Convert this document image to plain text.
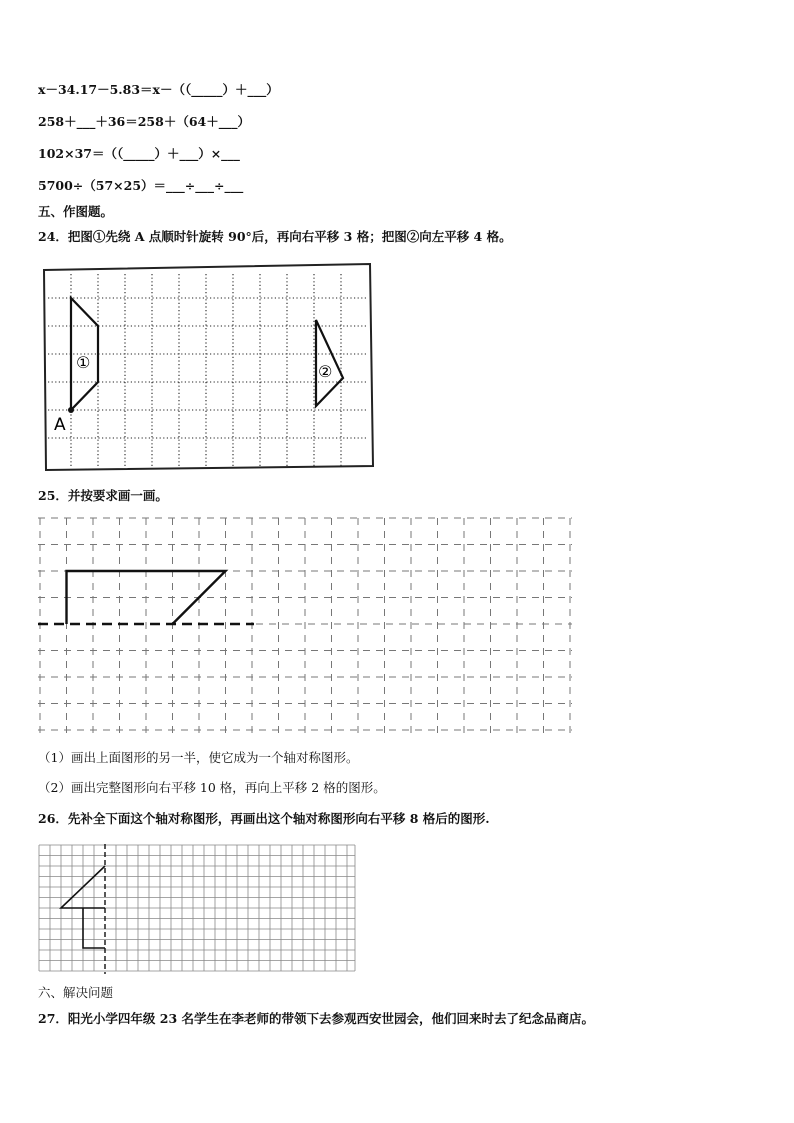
x－34.17－5.83＝x－（（_____）＋___）
258＋___＋36＝258＋（64＋___）
102×37＝（（_____）＋___）×___
5700÷（57×25）＝___÷___÷___
五、作图题。
24．把图①先绕 A 点顺时针旋转 90°后，再向右平移 3 格；把图②向左平移 4 格。
①
A
②
25．并按要求画一画。
（1）画出上面图形的另一半，使它成为一个轴对称图形。
（2）画出完整图形向右平移 10 格，再向上平移 2 格的图形。
26．先补全下面这个轴对称图形，再画出这个轴对称图形向右平移 8 格后的图形.
六、解决问题
27．阳光小学四年级 23 名学生在李老师的带领下去参观西安世园会，他们回来时去了纪念品商店。
